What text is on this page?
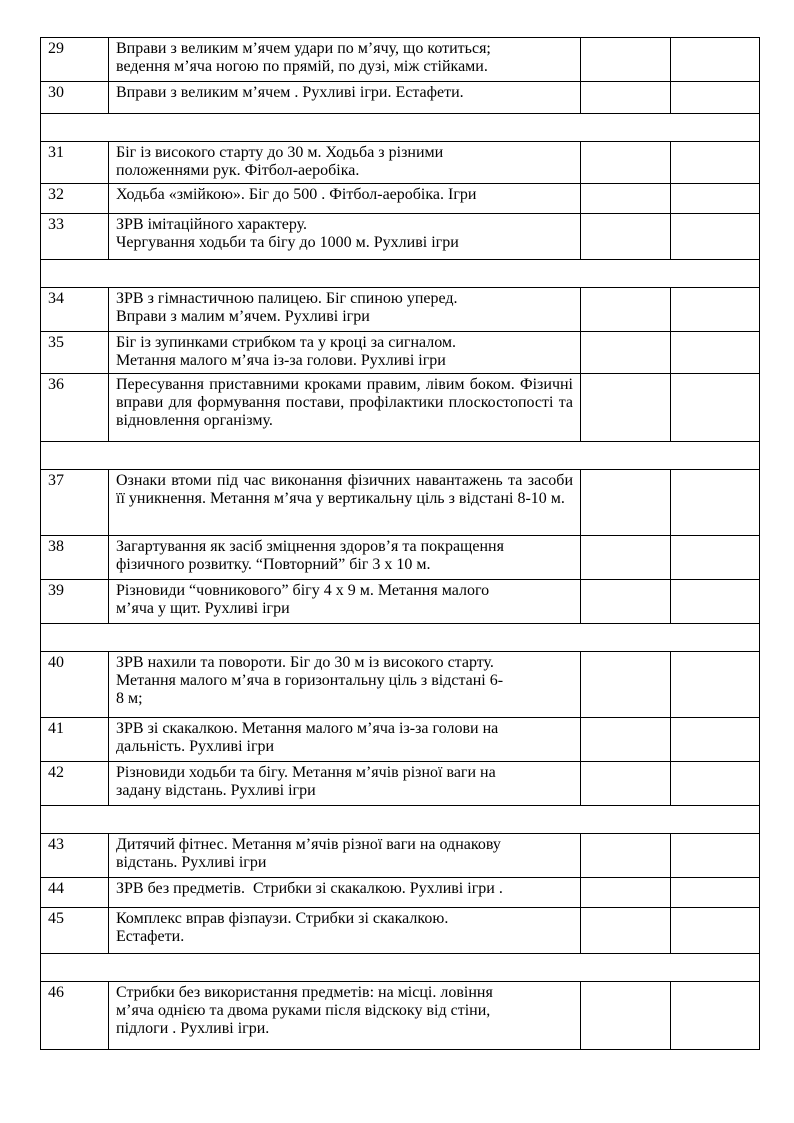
29	Вправи з великим м’ячем удари по м’ячу, що котиться;
ведення м’яча ногою по прямій, по дузі, між стійками.		
30	Вправи з великим м’ячем . Рухливі ігри. Естафети.		

31	Біг із високого старту до 30 м. Ходьба з різними
положеннями рук. Фітбол-аеробіка.		
32	Ходьба «змійкою». Біг до 500 . Фітбол-аеробіка. Ігри		
33	ЗРВ імітаційного характеру.
Чергування ходьби та бігу до 1000 м. Рухливі ігри		

34	ЗРВ з гімнастичною палицею. Біг спиною уперед.
Вправи з малим м’ячем. Рухливі ігри		
35	Біг із зупинками стрибком та у кроці за сигналом.
Метання малого м’яча із-за голови. Рухливі ігри		
36	Пересування приставними кроками правим, лівим боком. Фізичні вправи для формування постави, профілактики плоскостопості та відновлення організму.		

37	Ознаки втоми під час виконання фізичних навантажень та засоби її уникнення. Метання м’яча у вертикальну ціль з відстані 8-10 м.		
38	Загартування як засіб зміцнення здоров’я та покращення
фізичного розвитку. “Повторний” біг 3 х 10 м.		
39	Різновиди “човникового” бігу 4 х 9 м. Метання малого
м’яча у щит. Рухливі ігри		

40	ЗРВ нахили та повороти. Біг до 30 м із високого старту.
Метання малого м’яча в горизонтальну ціль з відстані 6-
8 м;		
41	ЗРВ зі скакалкою. Метання малого м’яча із-за голови на
дальність. Рухливі ігри		
42	Різновиди ходьби та бігу. Метання м’ячів різної ваги на
задану відстань. Рухливі ігри		

43	Дитячий фітнес. Метання м’ячів різної ваги на однакову
відстань. Рухливі ігри		
44	ЗРВ без предметів.  Стрибки зі скакалкою. Рухливі ігри .		
45	Комплекс вправ фізпаузи. Стрибки зі скакалкою.
Естафети.		

46	Стрибки без використання предметів: на місці. ловіння
м’яча однією та двома руками після відскоку від стіни,
підлоги . Рухливі ігри.		
